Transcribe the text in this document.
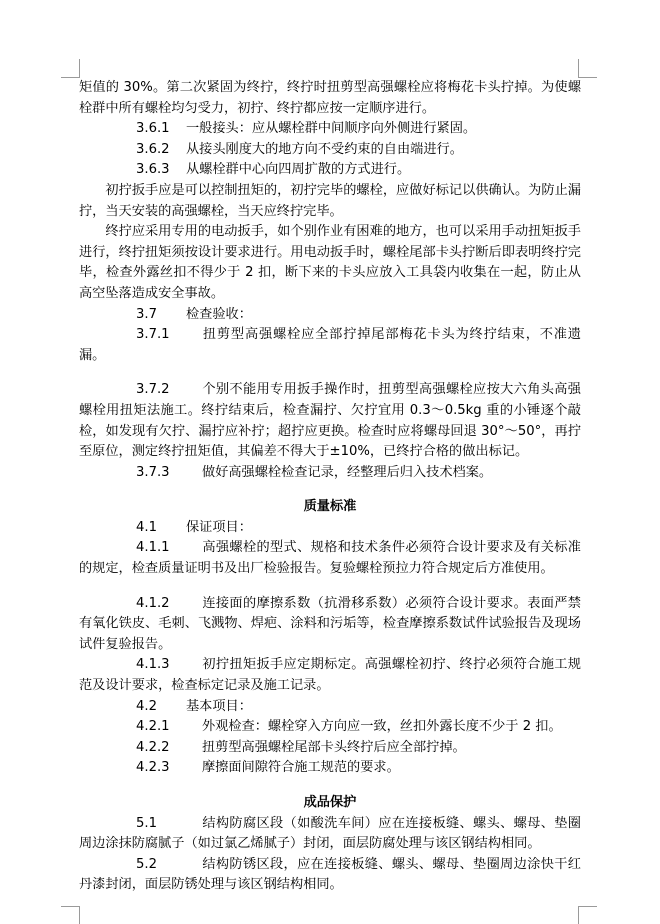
矩值的 30%。第二次紧固为终拧，终拧时扭剪型高强螺栓应将梅花卡头拧掉。为使螺栓群中所有螺栓均匀受力，初拧、终拧都应按一定顺序进行。

3.6.1 一般接头：应从螺栓群中间顺序向外侧进行紧固。

3.6.2 从接头刚度大的地方向不受约束的自由端进行。

3.6.3 从螺栓群中心向四周扩散的方式进行。

初拧扳手应是可以控制扭矩的，初拧完毕的螺栓，应做好标记以供确认。为防止漏拧，当天安装的高强螺栓，当天应终拧完毕。

终拧应采用专用的电动扳手，如个别作业有困难的地方，也可以采用手动扭矩扳手进行，终拧扭矩须按设计要求进行。用电动扳手时，螺栓尾部卡头拧断后即表明终拧完毕，检查外露丝扣不得少于 2 扣，断下来的卡头应放入工具袋内收集在一起，防止从高空坠落造成安全事故。

3.7 检查验收：

3.7.1 扭剪型高强螺栓应全部拧掉尾部梅花卡头为终拧结束，不准遗漏。

3.7.2 个别不能用专用扳手操作时，扭剪型高强螺栓应按大六角头高强螺栓用扭矩法施工。终拧结束后，检查漏拧、欠拧宜用 0.3～0.5kg 重的小锤逐个敲检，如发现有欠拧、漏拧应补拧；超拧应更换。检查时应将螺母回退 30°～50°，再拧至原位，测定终拧扭矩值，其偏差不得大于±10%，已终拧合格的做出标记。

3.7.3 做好高强螺栓检查记录，经整理后归入技术档案。

质量标准

4.1 保证项目：

4.1.1 高强螺栓的型式、规格和技术条件必须符合设计要求及有关标准的规定，检查质量证明书及出厂检验报告。复验螺栓预拉力符合规定后方准使用。

4.1.2 连接面的摩擦系数（抗滑移系数）必须符合设计要求。表面严禁有氧化铁皮、毛刺、飞溅物、焊疤、涂料和污垢等，检查摩擦系数试件试验报告及现场试件复验报告。

4.1.3 初拧扭矩扳手应定期标定。高强螺栓初拧、终拧必须符合施工规范及设计要求，检查标定记录及施工记录。

4.2 基本项目：

4.2.1 外观检查：螺栓穿入方向应一致，丝扣外露长度不少于 2 扣。

4.2.2 扭剪型高强螺栓尾部卡头终拧后应全部拧掉。

4.2.3 摩擦面间隙符合施工规范的要求。

成品保护

5.1	结构防腐区段（如酸洗车间）应在连接板缝、螺头、螺母、垫圈周边涂抹防腐腻子（如过氯乙烯腻子）封闭，面层防腐处理与该区钢结构相同。

5.2	结构防锈区段，应在连接板缝、螺头、螺母、垫圈周边涂快干红丹漆封闭，面层防锈处理与该区钢结构相同。
